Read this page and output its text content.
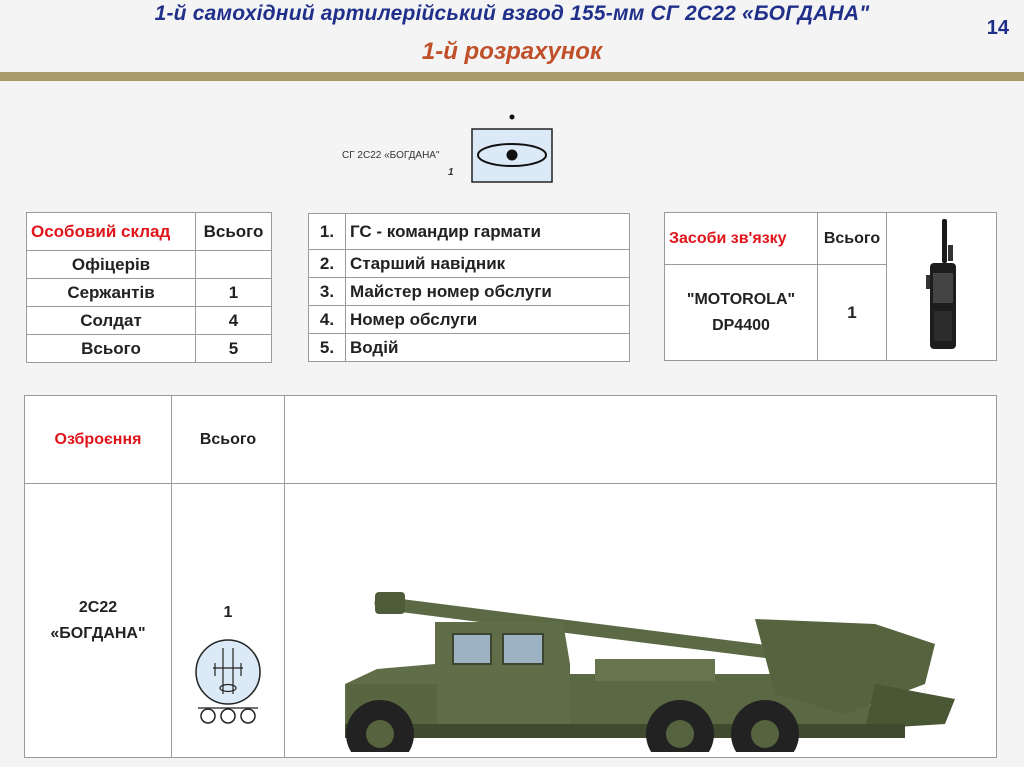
1-й самохідний артилерійський взвод 155-мм СГ 2С22 «БОГДАНА"
1-й розрахунок
14
СГ 2С22 «БОГДАНА"
1
Особовий склад	Всього
Офіцерів	
Сержантів	1
Солдат	4
Всього	5
1.	ГС - командир гармати
2.	Старший навідник
3.	Майстер номер обслуги
4.	Номер обслуги
5.	Водій
Засоби зв'язку	Всього	
"MOTOROLA" DP4400	1	
Озброєння	Всього	

2С22 «БОГДАНА"	1
